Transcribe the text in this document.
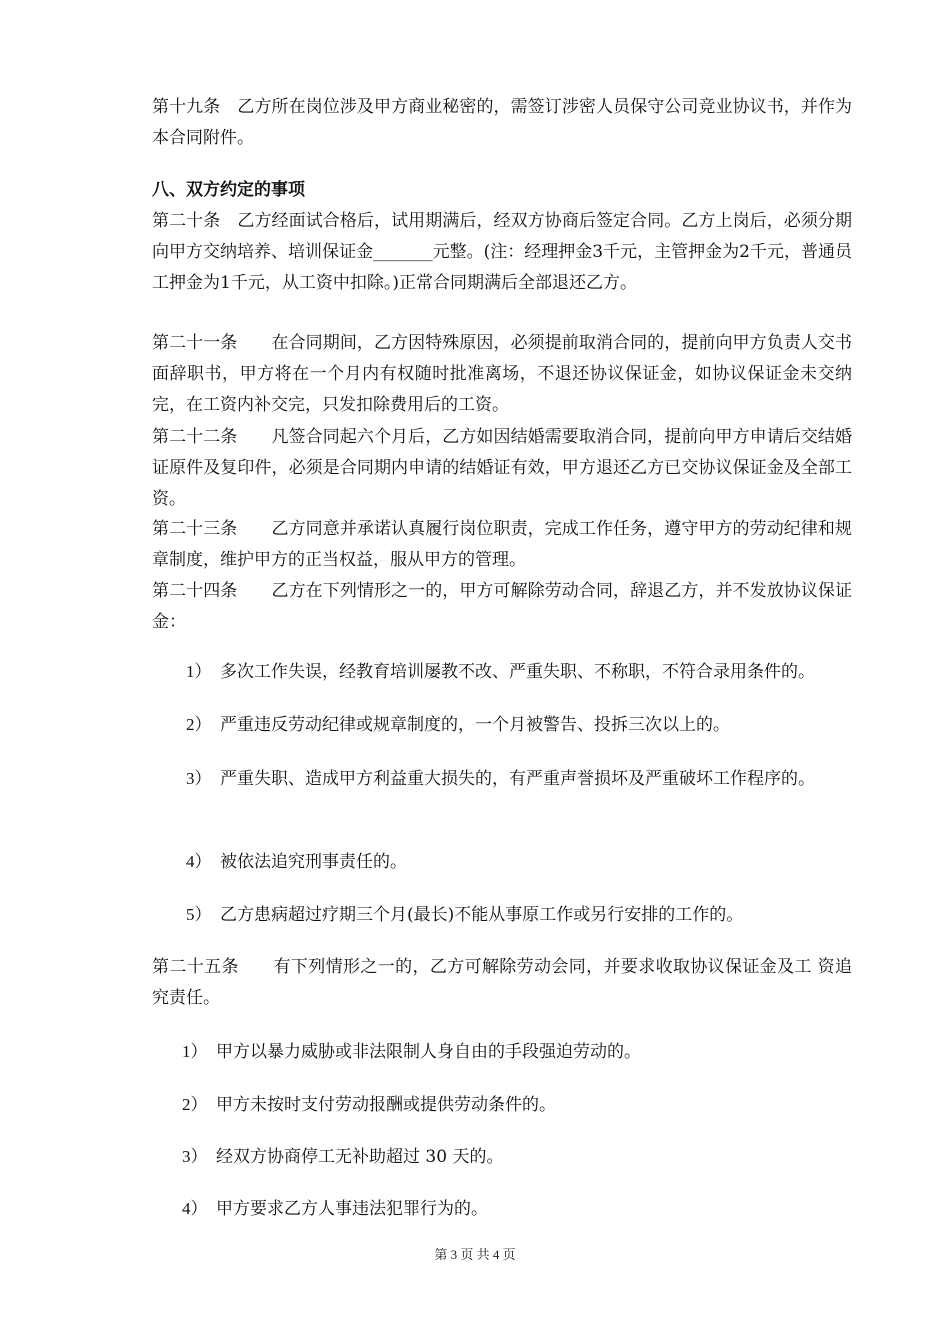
第十九条　 乙方所在岗位涉及甲方商业秘密的，需签订涉密人员保守公司竞业协议书，并作为本合同附件。

八、双方约定的事项

第二十条　 乙方经面试合格后，试用期满后，经双方协商后签定合同。乙方上岗后，必须分期向甲方交纳培养、培训保证金_______元整。(注：经理押金3千元，主管押金为2千元，普通员工押金为1千元，从工资中扣除。)正常合同期满后全部退还乙方。

第二十一条　　 在合同期间，乙方因特殊原因，必须提前取消合同的，提前向甲方负责人交书面辞职书，甲方将在一个月内有权随时批准离场，不退还协议保证金，如协议保证金未交纳完，在工资内补交完，只发扣除费用后的工资。

第二十二条　　 凡签合同起六个月后，乙方如因结婚需要取消合同，提前向甲方申请后交结婚证原件及复印件，必须是合同期内申请的结婚证有效，甲方退还乙方已交协议保证金及全部工资。

第二十三条　　 乙方同意并承诺认真履行岗位职责，完成工作任务，遵守甲方的劳动纪律和规章制度，维护甲方的正当权益，服从甲方的管理。

第二十四条　　 乙方在下列情形之一的，甲方可解除劳动合同，辞退乙方，并不发放协议保证金：

1） 多次工作失误，经教育培训屡教不改、严重失职、不称职，不符合录用条件的。

2） 严重违反劳动纪律或规章制度的，一个月被警告、投拆三次以上的。

3） 严重失职、造成甲方利益重大损失的，有严重声誉损坏及严重破坏工作程序的。

4） 被依法追究刑事责任的。

5） 乙方患病超过疗期三个月(最长)不能从事原工作或另行安排的工作的。

第二十五条　　 有下列情形之一的，乙方可解除劳动会同，并要求收取协议保证金及工 资追究责任。

1） 甲方以暴力威胁或非法限制人身自由的手段强迫劳动的。

2） 甲方未按时支付劳动报酬或提供劳动条件的。

3） 经双方协商停工无补助超过 30 天的。

4） 甲方要求乙方人事违法犯罪行为的。

第 3 页 共 4 页
